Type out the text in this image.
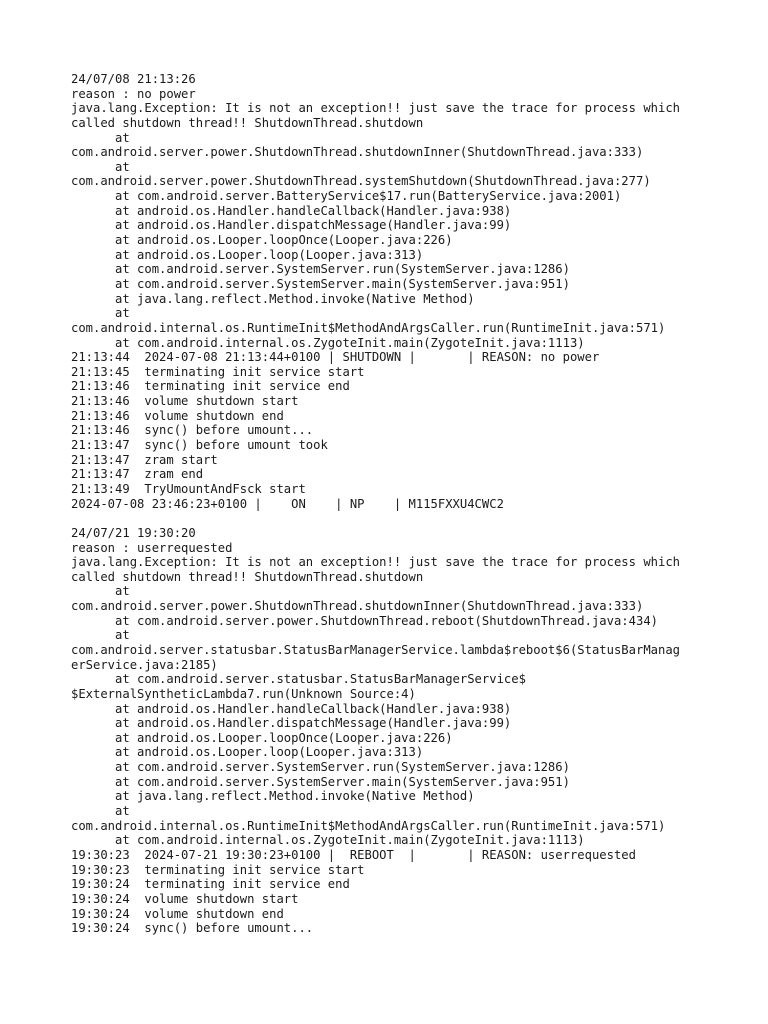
24/07/08 21:13:26
reason : no power
java.lang.Exception: It is not an exception!! just save the trace for process which
called shutdown thread!! ShutdownThread.shutdown
at
com.android.server.power.ShutdownThread.shutdownInner(ShutdownThread.java:333)
at
com.android.server.power.ShutdownThread.systemShutdown(ShutdownThread.java:277)
at com.android.server.BatteryService$17.run(BatteryService.java:2001)
at android.os.Handler.handleCallback(Handler.java:938)
at android.os.Handler.dispatchMessage(Handler.java:99)
at android.os.Looper.loopOnce(Looper.java:226)
at android.os.Looper.loop(Looper.java:313)
at com.android.server.SystemServer.run(SystemServer.java:1286)
at com.android.server.SystemServer.main(SystemServer.java:951)
at java.lang.reflect.Method.invoke(Native Method)
at
com.android.internal.os.RuntimeInit$MethodAndArgsCaller.run(RuntimeInit.java:571)
at com.android.internal.os.ZygoteInit.main(ZygoteInit.java:1113)
21:13:44  2024-07-08 21:13:44+0100 | SHUTDOWN |       | REASON: no power
21:13:45  terminating init service start
21:13:46  terminating init service end
21:13:46  volume shutdown start
21:13:46  volume shutdown end
21:13:46  sync() before umount...
21:13:47  sync() before umount took
21:13:47  zram start
21:13:47  zram end
21:13:49  TryUmountAndFsck start
2024-07-08 23:46:23+0100 |    ON    | NP    | M115FXXU4CWC2
24/07/21 19:30:20
reason : userrequested
java.lang.Exception: It is not an exception!! just save the trace for process which
called shutdown thread!! ShutdownThread.shutdown
at
com.android.server.power.ShutdownThread.shutdownInner(ShutdownThread.java:333)
at com.android.server.power.ShutdownThread.reboot(ShutdownThread.java:434)
at
com.android.server.statusbar.StatusBarManagerService.lambda$reboot$6(StatusBarManag
erService.java:2185)
at com.android.server.statusbar.StatusBarManagerService$
$ExternalSyntheticLambda7.run(Unknown Source:4)
at android.os.Handler.handleCallback(Handler.java:938)
at android.os.Handler.dispatchMessage(Handler.java:99)
at android.os.Looper.loopOnce(Looper.java:226)
at android.os.Looper.loop(Looper.java:313)
at com.android.server.SystemServer.run(SystemServer.java:1286)
at com.android.server.SystemServer.main(SystemServer.java:951)
at java.lang.reflect.Method.invoke(Native Method)
at
com.android.internal.os.RuntimeInit$MethodAndArgsCaller.run(RuntimeInit.java:571)
at com.android.internal.os.ZygoteInit.main(ZygoteInit.java:1113)
19:30:23  2024-07-21 19:30:23+0100 |  REBOOT  |       | REASON: userrequested
19:30:23  terminating init service start
19:30:24  terminating init service end
19:30:24  volume shutdown start
19:30:24  volume shutdown end
19:30:24  sync() before umount...
